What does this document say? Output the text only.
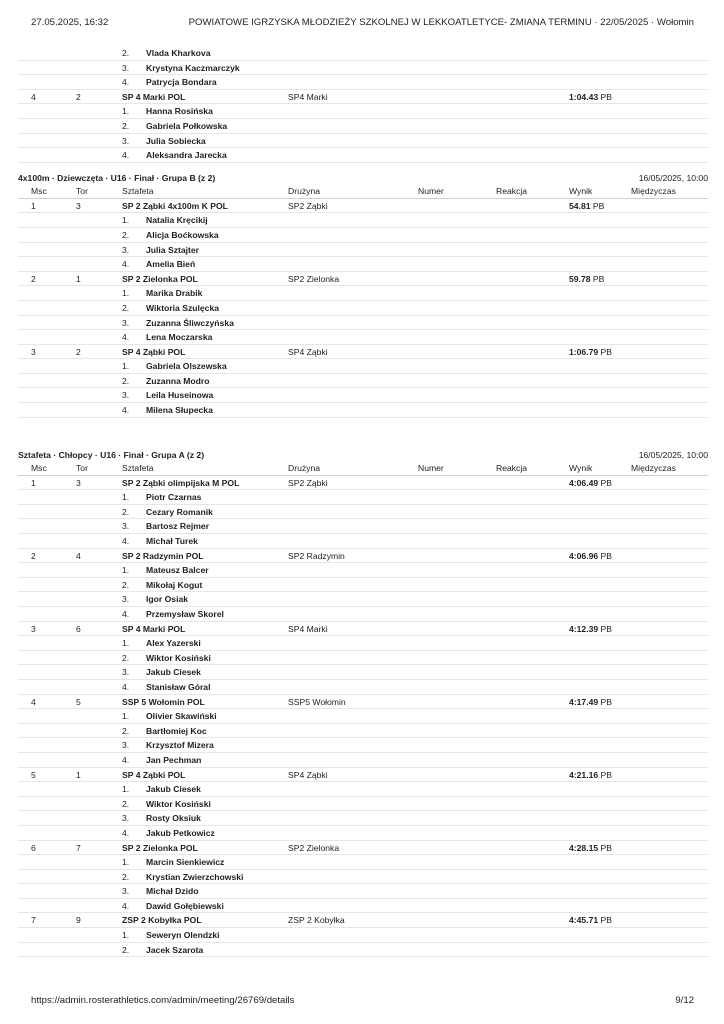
27.05.2025, 16:32	POWIATOWE IGRZYSKA MŁODZIEŻY SZKOLNEJ W LEKKOATLETYCE- ZMIANA TERMINU · 22/05/2025 · Wołomin
2. Vlada Kharkova
3. Krystyna Kaczmarczyk
4. Patrycja Bondara
4	2	SP 4 Marki POL	SP4 Marki	1:04.43 PB
1. Hanna Rosińska
2. Gabriela Połkowska
3. Julia Sobiecka
4. Aleksandra Jarecka
4x100m · Dziewczęta · U16 · Finał · Grupa B (z 2)	16/05/2025, 10:00
Msc	Tor	Sztafeta	Drużyna	Numer	Reakcja	Wynik	Międzyczas
1	3	SP 2 Ząbki 4x100m K POL	SP2 Ząbki	54.81 PB
1. Natalia Kręcikij
2. Alicja Boćkowska
3. Julia Sztajter
4. Amelia Bień
2	1	SP 2 Zielonka POL	SP2 Zielonka	59.78 PB
1. Marika Drabik
2. Wiktoria Szulęcka
3. Zuzanna Śliwczyńska
4. Lena Moczarska
3	2	SP 4 Ząbki POL	SP4 Ząbki	1:06.79 PB
1. Gabriela Olszewska
2. Zuzanna Modro
3. Leila Huseinowa
4. Milena Słupecka
Sztafeta · Chłopcy · U16 · Finał · Grupa A (z 2)	16/05/2025, 10:00
Msc	Tor	Sztafeta	Drużyna	Numer	Reakcja	Wynik	Międzyczas
1	3	SP 2 Ząbki olimpijska M POL	SP2 Ząbki	4:06.49 PB
1. Piotr Czarnas
2. Cezary Romanik
3. Bartosz Rejmer
4. Michał Turek
2	4	SP 2 Radzymin POL	SP2 Radzymin	4:06.96 PB
1. Mateusz Balcer
2. Mikołaj Kogut
3. Igor Osiak
4. Przemysław Skorel
3	6	SP 4 Marki POL	SP4 Marki	4:12.39 PB
1. Alex Yazerski
2. Wiktor Kosiński
3. Jakub Ciesek
4. Stanisław Góral
4	5	SSP 5 Wołomin POL	SSP5 Wołomin	4:17.49 PB
1. Olivier Skawiński
2. Bartłomiej Koc
3. Krzysztof Mizera
4. Jan Pechman
5	1	SP 4 Ząbki POL	SP4 Ząbki	4:21.16 PB
1. Jakub Ciesek
2. Wiktor Kosiński
3. Rosty Oksiuk
4. Jakub Petkowicz
6	7	SP 2 Zielonka POL	SP2 Zielonka	4:28.15 PB
1. Marcin Sienkiewicz
2. Krystian Zwierzchowski
3. Michał Dzido
4. Dawid Gołębiewski
7	9	ZSP 2 Kobyłka POL	ZSP 2 Kobyłka	4:45.71 PB
1. Seweryn Olendzki
2. Jacek Szarota
https://admin.rosterathletics.com/admin/meeting/26769/details	9/12
